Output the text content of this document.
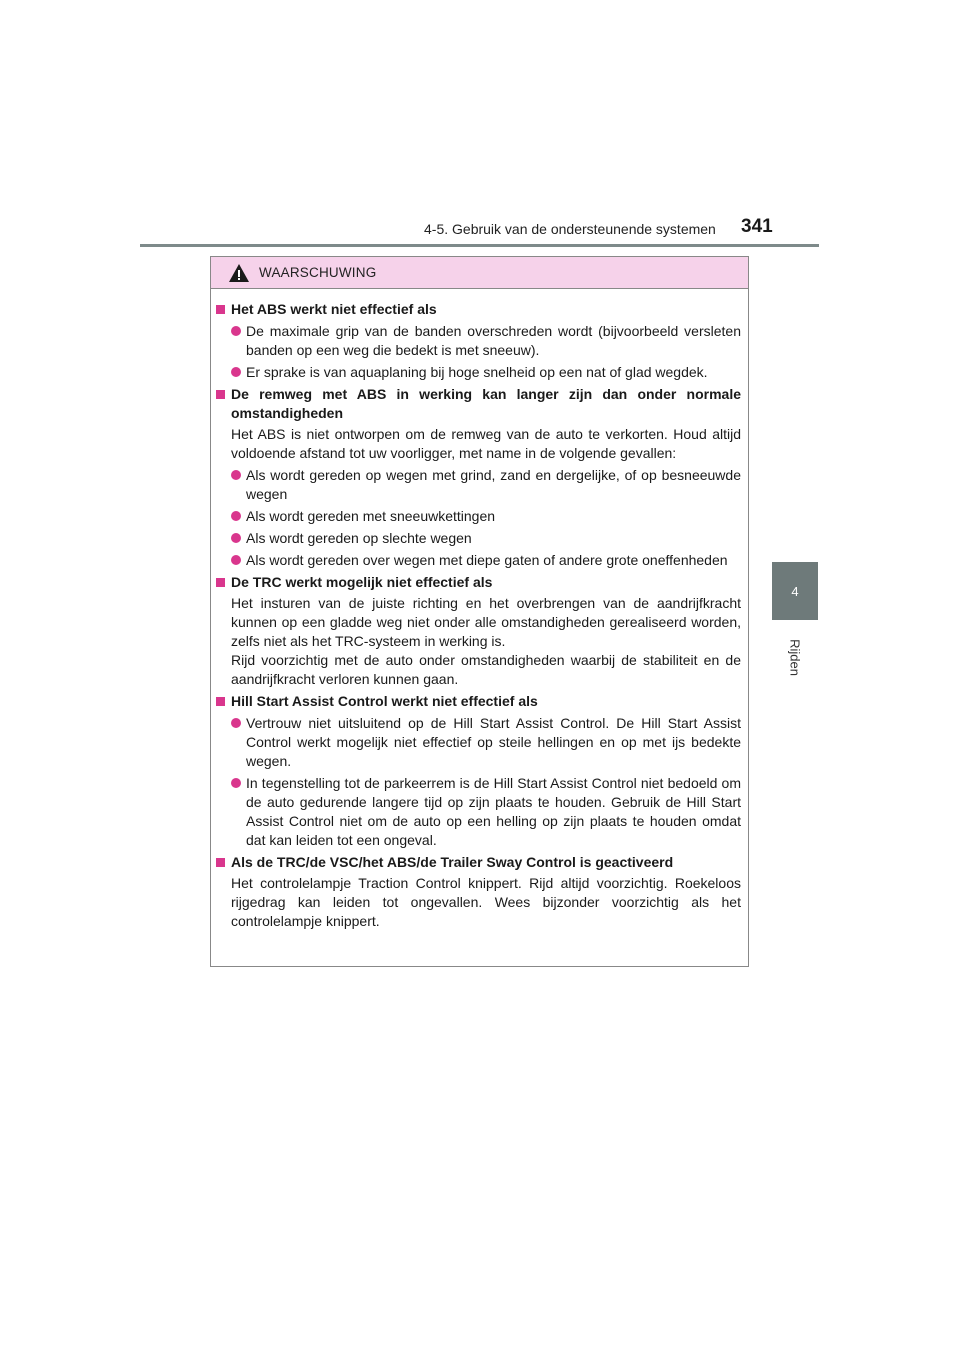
4-5. Gebruik van de ondersteunende systemen 341
4
Rijden
WAARSCHUWING
Het ABS werkt niet effectief als
De maximale grip van de banden overschreden wordt (bijvoorbeeld versleten banden op een weg die bedekt is met sneeuw).
Er sprake is van aquaplaning bij hoge snelheid op een nat of glad wegdek.
De remweg met ABS in werking kan langer zijn dan onder normale omstandigheden
Het ABS is niet ontworpen om de remweg van de auto te verkorten. Houd altijd voldoende afstand tot uw voorligger, met name in de volgende gevallen:
Als wordt gereden op wegen met grind, zand en dergelijke, of op besneeuwde wegen
Als wordt gereden met sneeuwkettingen
Als wordt gereden op slechte wegen
Als wordt gereden over wegen met diepe gaten of andere grote oneffenheden
De TRC werkt mogelijk niet effectief als
Het insturen van de juiste richting en het overbrengen van de aandrijfkracht kunnen op een gladde weg niet onder alle omstandigheden gerealiseerd worden, zelfs niet als het TRC-systeem in werking is.
Rijd voorzichtig met de auto onder omstandigheden waarbij de stabiliteit en de aandrijfkracht verloren kunnen gaan.
Hill Start Assist Control werkt niet effectief als
Vertrouw niet uitsluitend op de Hill Start Assist Control. De Hill Start Assist Control werkt mogelijk niet effectief op steile hellingen en op met ijs bedekte wegen.
In tegenstelling tot de parkeerrem is de Hill Start Assist Control niet bedoeld om de auto gedurende langere tijd op zijn plaats te houden. Gebruik de Hill Start Assist Control niet om de auto op een helling op zijn plaats te houden omdat dat kan leiden tot een ongeval.
Als de TRC/de VSC/het ABS/de Trailer Sway Control is geactiveerd
Het controlelampje Traction Control knippert. Rijd altijd voorzichtig. Roekeloos rijgedrag kan leiden tot ongevallen. Wees bijzonder voorzichtig als het controlelampje knippert.
